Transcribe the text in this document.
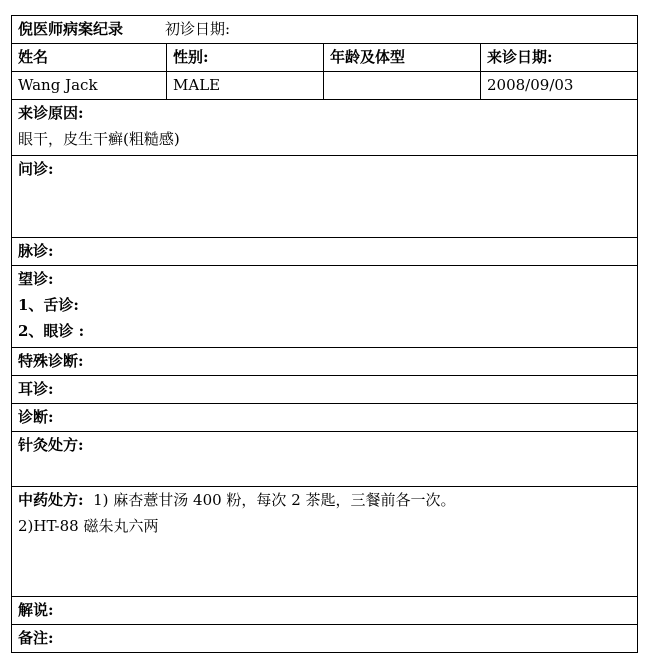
倪医师病案纪录 初诊日期:			
姓名	性别:	年龄及体型	来诊日期:
Wang Jack	MALE		2008/09/03

来诊原因:
眼干，皮生干癣(粗糙感)			

问诊:			
脉诊:			

望诊:
1、舌诊:
2、眼诊 :			

特殊诊断:			
耳诊:			
诊断:			
针灸处方:			

中药处方: 1) 麻杏薏甘汤 400 粉，每次 2 茶匙，三餐前各一次。
2)HT-88 磁朱丸六两			

解说:			
备注:			
